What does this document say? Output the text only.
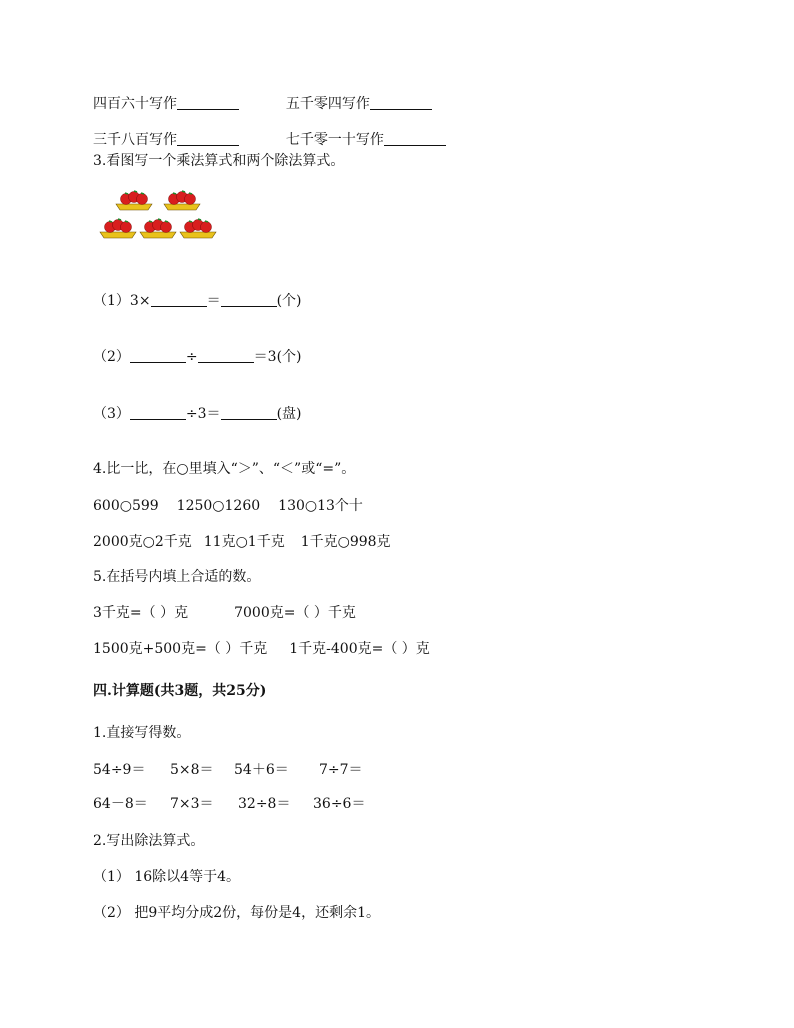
四百六十写作	五千零四写作
三千八百写作	七千零一十写作
3.看图写一个乘法算式和两个除法算式。
（1）3×	＝	(个)
（2）	÷	＝3(个)
（3）	÷3＝	(盘)
4.比一比，在○里填入“＞”、“＜”或“=”。
600○599 1250○1260 130○13个十
2000克○2千克 11克○1千克 1千克○998克
5.在括号内填上合适的数。
3千克=（ ）克	7000克=（ ）千克
1500克+500克=（ ）千克 1千克-400克=（ ）克
四.计算题(共3题，共25分)
1.直接写得数。
54÷9＝ 5×8＝ 54＋6＝ 7÷7＝
64－8＝ 7×3＝ 32÷8＝ 36÷6＝
2.写出除法算式。
（1） 16除以4等于4。
（2） 把9平均分成2份，每份是4，还剩余1。
